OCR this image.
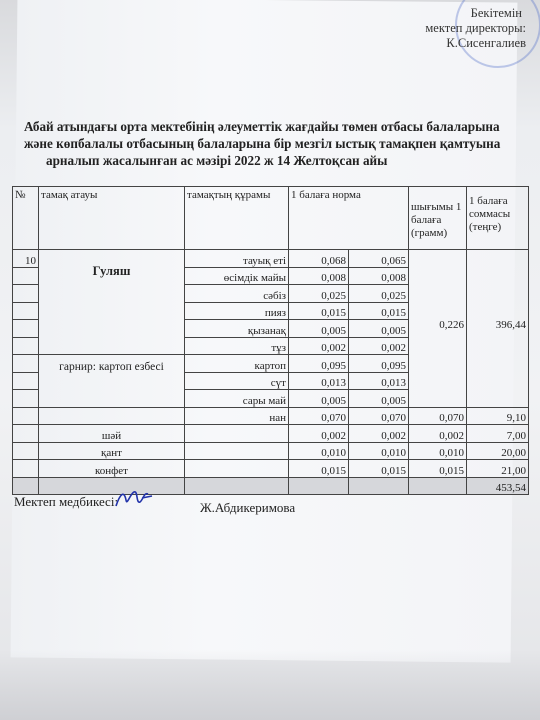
Бекітемін
мектеп директоры:
К.Сисенгалиев
Абай атындағы орта мектебінің әлеуметтік жағдайы төмен отбасы балаларына
және көпбалалы отбасының балаларына бір мезгіл ыстық тамақпен қамтуына
арналып жасалынған ас мәзірі 2022 ж 14 Желтоқсан айы
№	тамақ атауы	тамақтың құрамы	1 балаға норма		шығымы 1 балаға (грамм)	1 балаға соммасы (теңге)
10	Гуляш	тауық еті	0,068	0,065	0,226	396,44
		өсімдік майы	0,008	0,008		
		сәбіз	0,025	0,025		
		пияз	0,015	0,015		
		қызанақ	0,005	0,005		
		тұз	0,002	0,002		
	гарнир: картоп езбесі	картоп	0,095	0,095		
		сүт	0,013	0,013		
		сары май	0,005	0,005		
		нан	0,070	0,070	0,070	9,10
	шәй		0,002	0,002	0,002	7,00
	қант		0,010	0,010	0,010	20,00
	конфет		0,015	0,015	0,015	21,00
						453,54
Мектеп медбикесі:	Ж.Абдикеримова
